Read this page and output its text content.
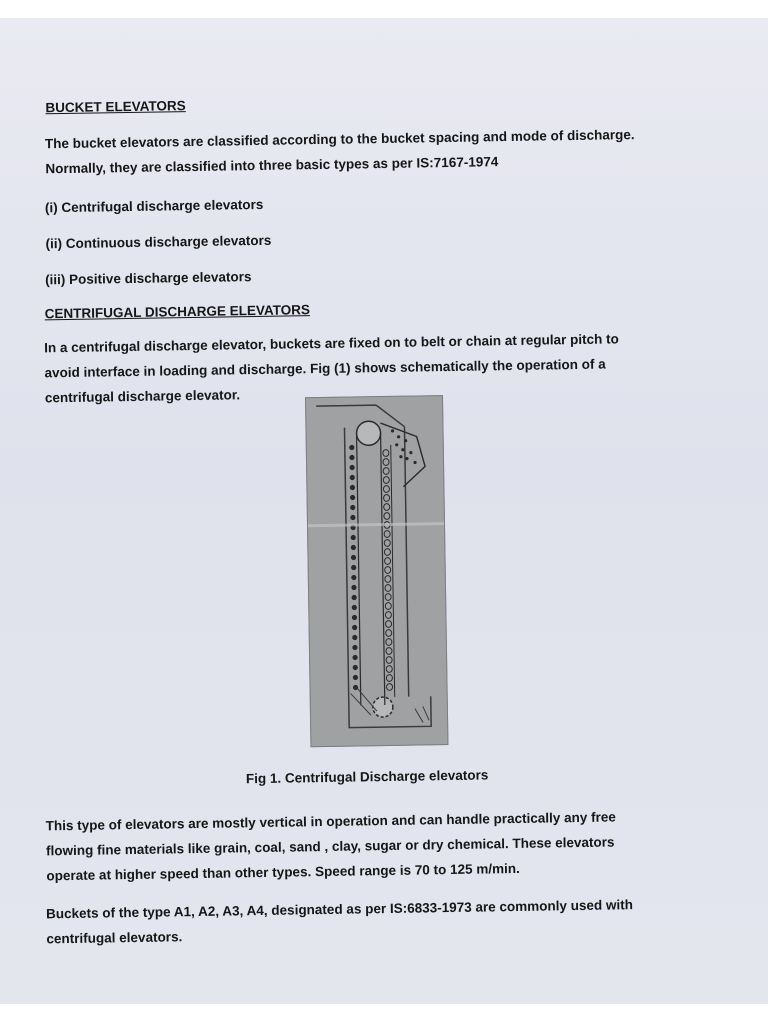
BUCKET ELEVATORS
The bucket elevators are classified according to the bucket spacing and mode of discharge.
Normally, they are classified into three basic types as per IS:7167-1974
(i) Centrifugal discharge elevators
(ii) Continuous discharge elevators
(iii) Positive discharge elevators
CENTRIFUGAL DISCHARGE ELEVATORS
In a centrifugal discharge elevator, buckets are fixed on to belt or chain at regular pitch to
avoid interface in loading and discharge. Fig (1) shows schematically the operation of a
centrifugal discharge elevator.
Fig 1. Centrifugal Discharge elevators
This type of elevators are mostly vertical in operation and can handle practically any free
flowing fine materials like grain, coal, sand , clay, sugar or dry chemical. These elevators
operate at higher speed than other types. Speed range is 70 to 125 m/min.
Buckets of the type A1, A2, A3, A4, designated as per IS:6833-1973 are commonly used with
centrifugal elevators.
